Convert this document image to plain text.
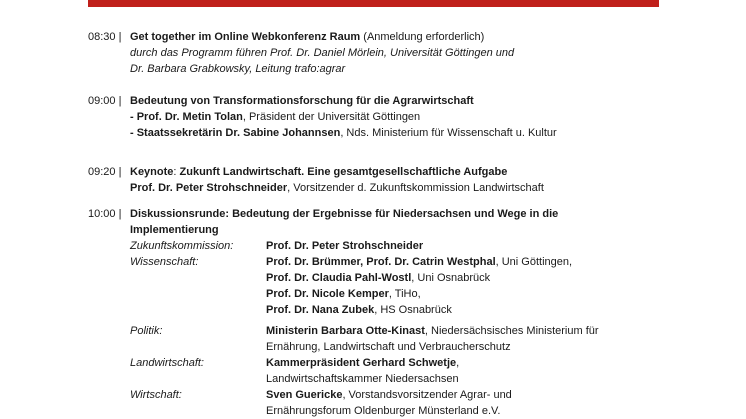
08:30 | Get together im Online Webkonferenz Raum (Anmeldung erforderlich)
durch das Programm führen Prof. Dr. Daniel Mörlein, Universität Göttingen und
Dr. Barbara Grabkowsky, Leitung trafo:agrar
09:00 | Bedeutung von Transformationsforschung für die Agrarwirtschaft
- Prof. Dr. Metin Tolan, Präsident der Universität Göttingen
- Staatssekretärin Dr. Sabine Johannsen, Nds. Ministerium für Wissenschaft u. Kultur
09:20 | Keynote: Zukunft Landwirtschaft. Eine gesamtgesellschaftliche Aufgabe
Prof. Dr. Peter Strohschneider, Vorsitzender d. Zukunftskommission Landwirtschaft
10:00 | Diskussionsrunde: Bedeutung der Ergebnisse für Niedersachsen und Wege in die
Implementierung
Zukunftskommission:	Prof. Dr. Peter Strohschneider
Wissenschaft:	Prof. Dr. Brümmer, Prof. Dr. Catrin Westphal, Uni Göttingen,
Prof. Dr. Claudia Pahl-Wostl, Uni Osnabrück
Prof. Dr. Nicole Kemper, TiHo,
Prof. Dr. Nana Zubek, HS Osnabrück
Politik:	Ministerin Barbara Otte-Kinast, Niedersächsisches Ministerium für
Ernährung, Landwirtschaft und Verbraucherschutz
Landwirtschaft:	Kammerpräsident Gerhard Schwetje,
Landwirtschaftskammer Niedersachsen
Wirtschaft:	Sven Guericke, Vorstandsvorsitzender Agrar- und
Ernährungsforum Oldenburger Münsterland e.V.
